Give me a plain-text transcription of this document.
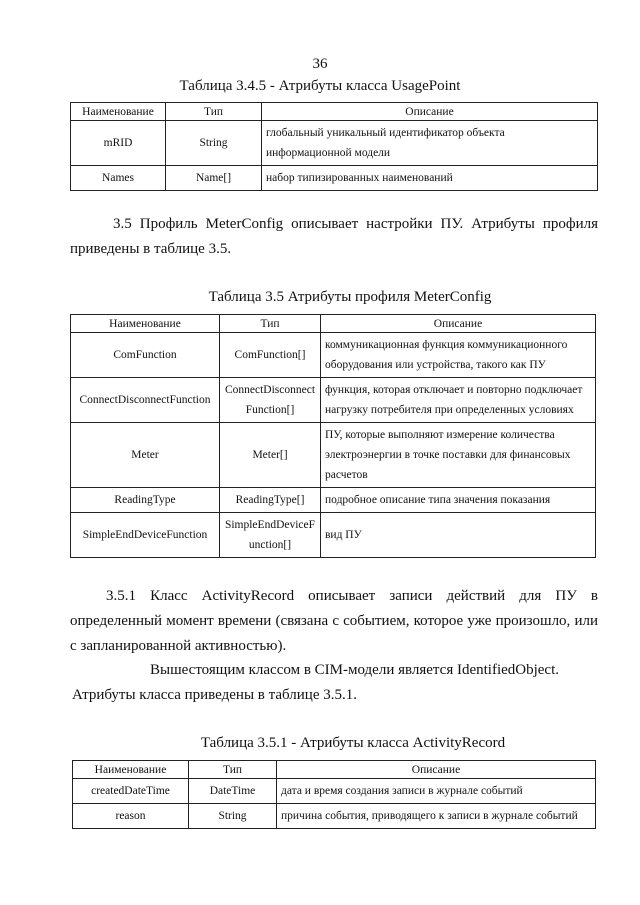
36
Таблица 3.4.5 - Атрибуты класса UsagePoint
Наименование	Тип	Описание
mRID	String	глобальный уникальный идентификатор объекта информационной модели
Names	Name[]	набор типизированных наименований
3.5 Профиль MeterConfig описывает настройки ПУ. Атрибуты профиля приведены в таблице 3.5.
Таблица 3.5 Атрибуты профиля MeterConfig
Наименование	Тип	Описание
ComFunction	ComFunction[]	коммуникационная функция коммуникационного оборудования или устройства, такого как ПУ
ConnectDisconnectFunction	ConnectDisconnect Function[]	функция, которая отключает и повторно подключает нагрузку потребителя при определенных условиях
Meter	Meter[]	ПУ, которые выполняют измерение количества электроэнергии в точке поставки для финансовых расчетов
ReadingType	ReadingType[]	подробное описание типа значения показания
SimpleEndDeviceFunction	SimpleEndDeviceF unction[]	вид ПУ
3.5.1 Класс ActivityRecord описывает записи действий для ПУ в определенный момент времени (связана с событием, которое уже произошло, или с запланированной активностью).
Вышестоящим классом в CIM-модели является IdentifiedObject.
Атрибуты класса приведены в таблице 3.5.1.
Таблица 3.5.1 - Атрибуты класса ActivityRecord
Наименование	Тип	Описание
createdDateTime	DateTime	дата и время создания записи в журнале событий
reason	String	причина события, приводящего к записи в журнале событий
